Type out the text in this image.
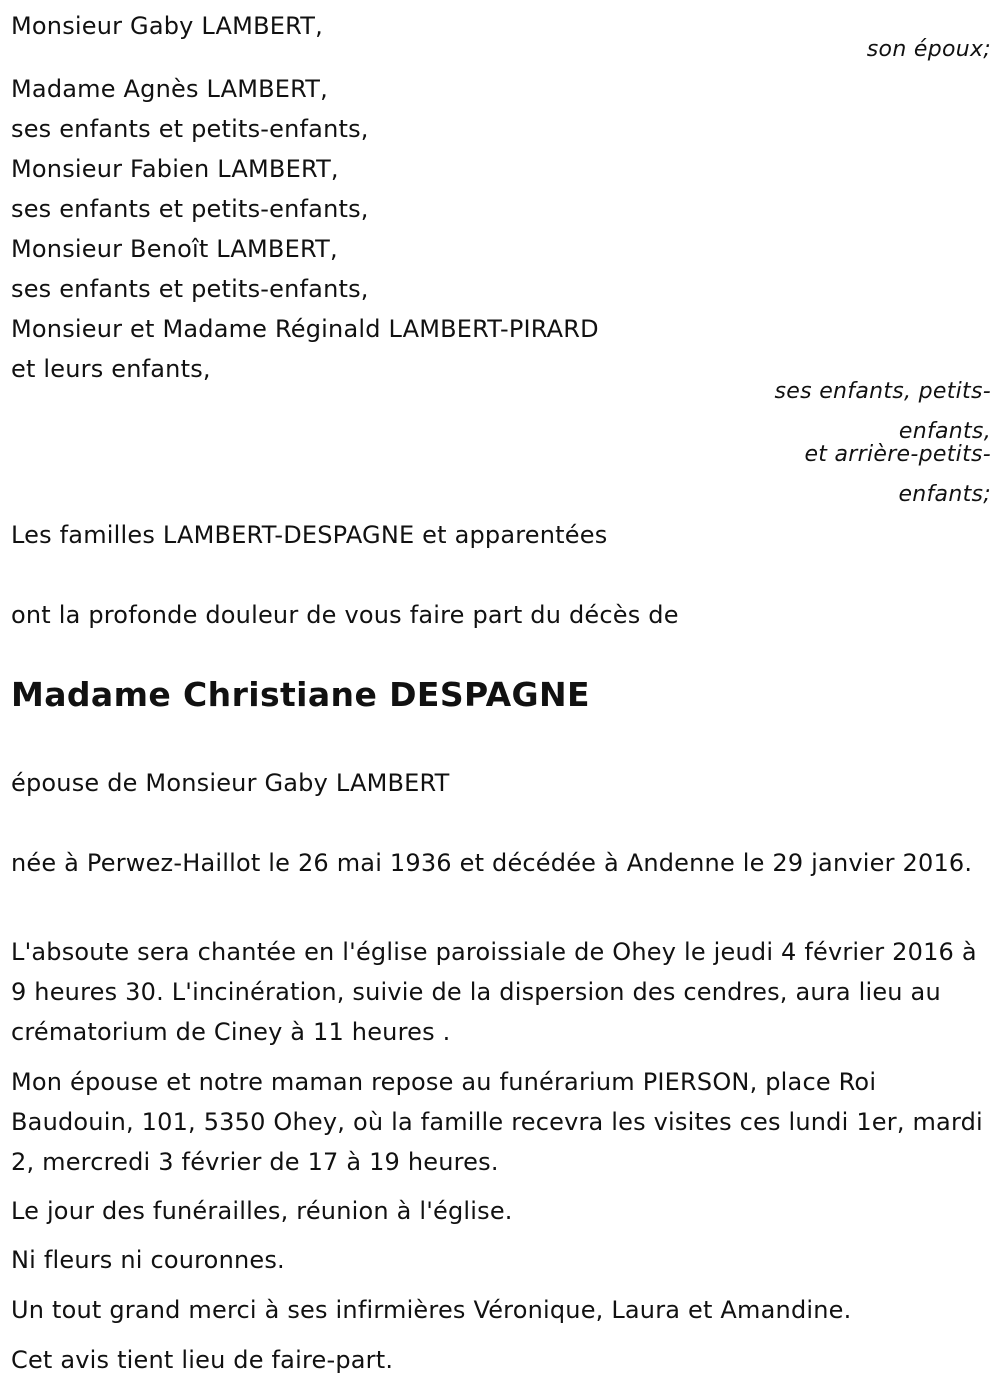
Monsieur Gaby LAMBERT,
son époux;
Madame Agnès LAMBERT,
ses enfants et petits-enfants,
Monsieur Fabien LAMBERT,
ses enfants et petits-enfants,
Monsieur Benoît LAMBERT,
ses enfants et petits-enfants,
Monsieur et Madame Réginald LAMBERT-PIRARD
et leurs enfants,
ses enfants, petits-
enfants,
et arrière-petits-
enfants;
Les familles LAMBERT-DESPAGNE et apparentées
ont la profonde douleur de vous faire part du décès de
Madame Christiane DESPAGNE
épouse de Monsieur Gaby LAMBERT
née à Perwez-Haillot le 26 mai 1936 et décédée à Andenne le 29 janvier 2016.
L'absoute sera chantée en l'église paroissiale de Ohey le jeudi 4 février 2016 à 9 heures 30. L'incinération, suivie de la dispersion des cendres, aura lieu au crématorium de Ciney à 11 heures .
Mon épouse et notre maman repose au funérarium PIERSON, place Roi Baudouin, 101, 5350 Ohey, où la famille recevra les visites ces lundi 1er, mardi 2, mercredi 3 février de 17 à 19 heures.
Le jour des funérailles, réunion à l'église.
Ni fleurs ni couronnes.
Un tout grand merci à ses infirmières Véronique, Laura et Amandine.
Cet avis tient lieu de faire-part.
